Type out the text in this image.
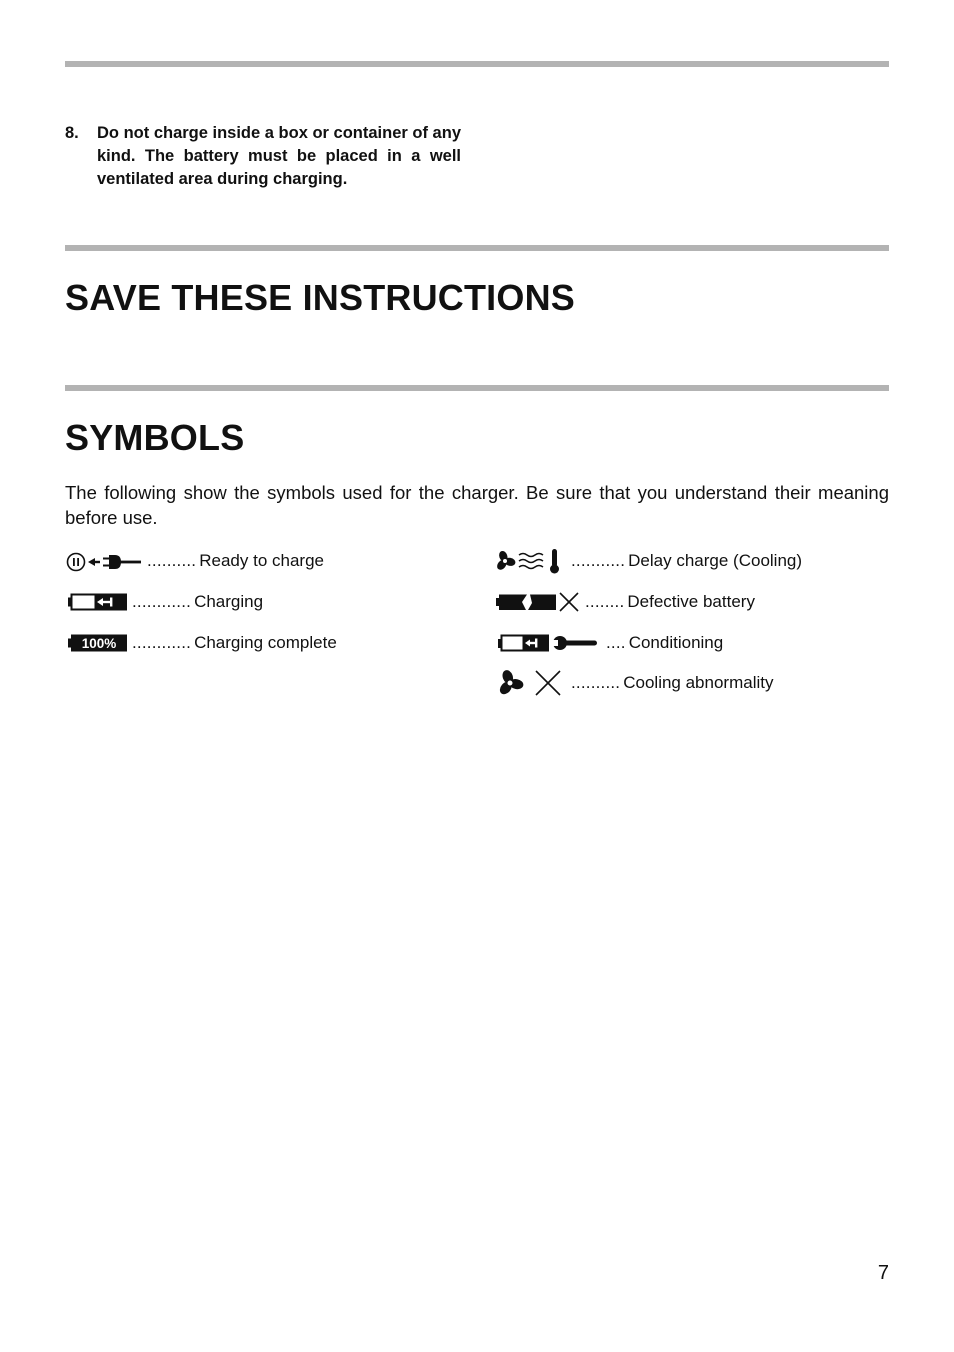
8. Do not charge inside a box or container of any kind. The battery must be placed in a well ventilated area during charging.
SAVE THESE INSTRUCTIONS
SYMBOLS
The following show the symbols used for the charger. Be sure that you understand their meaning before use.
.......... Ready to charge
............ Charging
100% ............ Charging complete
........... Delay charge (Cooling)
........ Defective battery
.... Conditioning
.......... Cooling abnormality
7
